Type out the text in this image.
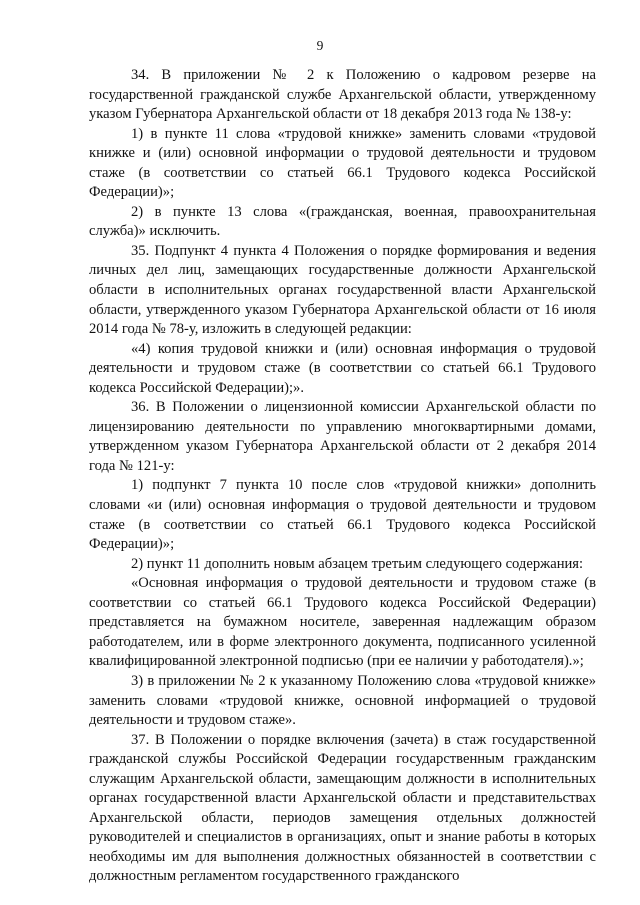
9

34. В приложении № 2 к Положению о кадровом резерве на государственной гражданской службе Архангельской области, утвержденному указом Губернатора Архангельской области от 18 декабря 2013 года № 138-у:

1) в пункте 11 слова «трудовой книжке» заменить словами «трудовой книжке и (или) основной информации о трудовой деятельности и трудовом стаже (в соответствии со статьей 66.1 Трудового кодекса Российской Федерации)»;

2) в пункте 13 слова «(гражданская, военная, правоохранительная служба)» исключить.

35. Подпункт 4 пункта 4 Положения о порядке формирования и ведения личных дел лиц, замещающих государственные должности Архангельской области в исполнительных органах государственной власти Архангельской области, утвержденного указом Губернатора Архангельской области от 16 июля 2014 года № 78-у, изложить в следующей редакции:

«4) копия трудовой книжки и (или) основная информация о трудовой деятельности и трудовом стаже (в соответствии со статьей 66.1 Трудового кодекса Российской Федерации);».

36. В Положении о лицензионной комиссии Архангельской области по лицензированию деятельности по управлению многоквартирными домами, утвержденном указом Губернатора Архангельской области от 2 декабря 2014 года № 121-у:

1) подпункт 7 пункта 10 после слов «трудовой книжки» дополнить словами «и (или) основная информация о трудовой деятельности и трудовом стаже (в соответствии со статьей 66.1 Трудового кодекса Российской Федерации)»;

2) пункт 11 дополнить новым абзацем третьим следующего содержания:

«Основная информация о трудовой деятельности и трудовом стаже (в соответствии со статьей 66.1 Трудового кодекса Российской Федерации) представляется на бумажном носителе, заверенная надлежащим образом работодателем, или в форме электронного документа, подписанного усиленной квалифицированной электронной подписью (при ее наличии у работодателя).»;

3) в приложении № 2 к указанному Положению слова «трудовой книжке» заменить словами «трудовой книжке, основной информацией о трудовой деятельности и трудовом стаже».

37. В Положении о порядке включения (зачета) в стаж государственной гражданской службы Российской Федерации государственным гражданским служащим Архангельской области, замещающим должности в исполнительных органах государственной власти Архангельской области и представительствах Архангельской области, периодов замещения отдельных должностей руководителей и специалистов в организациях, опыт и знание работы в которых необходимы им для выполнения должностных обязанностей в соответствии с должностным регламентом государственного гражданского
